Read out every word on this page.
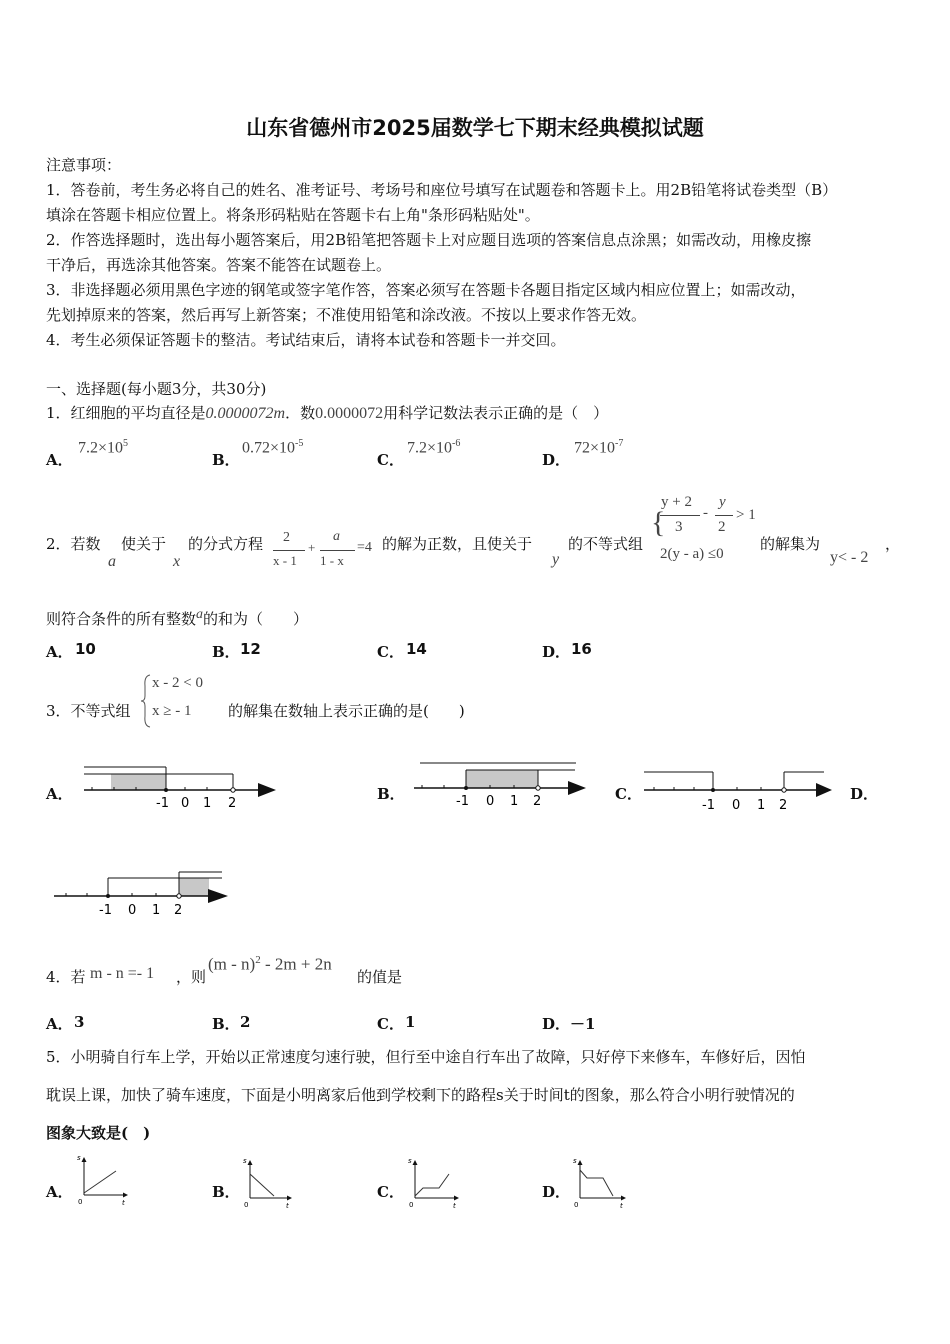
山东省德州市2025届数学七下期末经典模拟试题
注意事项：
1．答卷前，考生务必将自己的姓名、准考证号、考场号和座位号填写在试题卷和答题卡上。用2B铅笔将试卷类型（B）
填涂在答题卡相应位置上。将条形码粘贴在答题卡右上角"条形码粘贴处"。
2．作答选择题时，选出每小题答案后，用2B铅笔把答题卡上对应题目选项的答案信息点涂黑；如需改动，用橡皮擦
干净后，再选涂其他答案。答案不能答在试题卷上。
3．非选择题必须用黑色字迹的钢笔或签字笔作答，答案必须写在答题卡各题目指定区域内相应位置上；如需改动，
先划掉原来的答案，然后再写上新答案；不准使用铅笔和涂改液。不按以上要求作答无效。
4．考生必须保证答题卡的整洁。考试结束后，请将本试卷和答题卡一并交回。
一、选择题(每小题3分，共30分)
1．红细胞的平均直径是0.0000072m．数0.0000072用科学记数法表示正确的是（　）
A．
$7.2\times 10^5$
B．
$0.72\times 10^{-5}$
C．
$7.2\times 10^{-6}$
D．
$72\times 10^{-7}$
2．若数
a
使关于
x
的分式方程 2
x - 1
+
a
1 - x
=4 的解为正数，且使关于
y
的不等式组
{
y + 2
3
-
y
2
> 1
2(y - a) ≤0
的解集为
y< - 2
，
则符合条件的所有整数$^a$的和为（　　）
A． 10	B． 12	C． 14	D． 16
3．不等式组
x - 2 < 0
x ≥ - 1 的解集在数轴上表示正确的是(　　)
A．	B．	C．	D．
-1 0 1 2	-1 0 1 2	-1 0 1 2
-1 0 1 2
4．若 m - n =- 1 ，则
(m - n)$^2$ - 2m + 2n
的值是
A． 3	B． 2	C． 1	D． －1
5．小明骑自行车上学，开始以正常速度匀速行驶，但行至中途自行车出了故障，只好停下来修车，车修好后，因怕
耽误上课，加快了骑车速度，下面是小明离家后他到学校剩下的路程s关于时间t的图象，那么符合小明行驶情况的
图象大致是(　)
A．	B．	C．	D．
s
t
0
s
t
0
s
t
0
s
t
0
